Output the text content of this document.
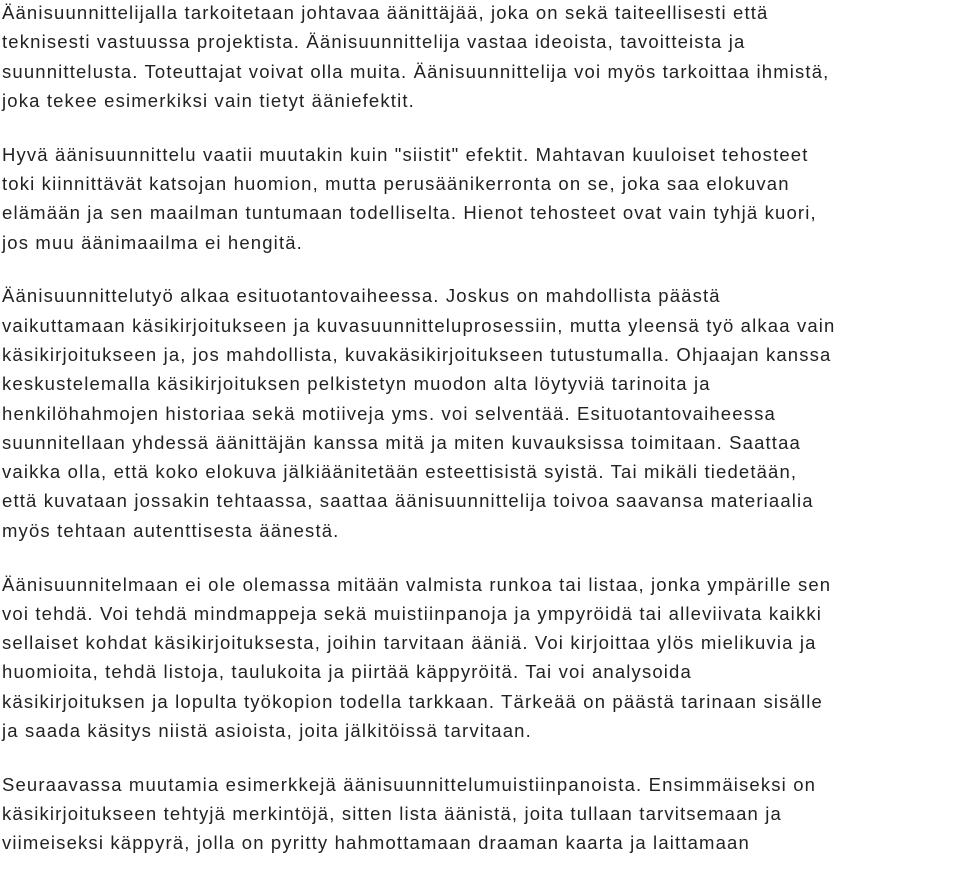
Äänisuunnittelijalla tarkoitetaan johtavaa äänittäjää, joka on sekä taiteellisesti että
teknisesti vastuussa projektista. Äänisuunnittelija vastaa ideoista, tavoitteista ja
suunnittelusta. Toteuttajat voivat olla muita. Äänisuunnittelija voi myös tarkoittaa ihmistä,
joka tekee esimerkiksi vain tietyt ääniefektit.
Hyvä äänisuunnittelu vaatii muutakin kuin "siistit" efektit. Mahtavan kuuloiset tehosteet
toki kiinnittävät katsojan huomion, mutta perusäänikerronta on se, joka saa elokuvan
elämään ja sen maailman tuntumaan todelliselta. Hienot tehosteet ovat vain tyhjä kuori,
jos muu äänimaailma ei hengitä.
Äänisuunnittelutyö alkaa esituotantovaiheessa. Joskus on mahdollista päästä
vaikuttamaan käsikirjoitukseen ja kuvasuunnitteluprosessiin, mutta yleensä työ alkaa vain
käsikirjoitukseen ja, jos mahdollista, kuvakäsikirjoitukseen tutustumalla. Ohjaajan kanssa
keskustelemalla käsikirjoituksen pelkistetyn muodon alta löytyviä tarinoita ja
henkilöhahmojen historiaa sekä motiiveja yms. voi selventää. Esituotantovaiheessa
suunnitellaan yhdessä äänittäjän kanssa mitä ja miten kuvauksissa toimitaan. Saattaa
vaikka olla, että koko elokuva jälkiäänitetään esteettisistä syistä. Tai mikäli tiedetään,
että kuvataan jossakin tehtaassa, saattaa äänisuunnittelija toivoa saavansa materiaalia
myös tehtaan autenttisesta äänestä.
Äänisuunnitelmaan ei ole olemassa mitään valmista runkoa tai listaa, jonka ympärille sen
voi tehdä. Voi tehdä mindmappeja sekä muistiinpanoja ja ympyröidä tai alleviivata kaikki
sellaiset kohdat käsikirjoituksesta, joihin tarvitaan ääniä. Voi kirjoittaa ylös mielikuvia ja
huomioita, tehdä listoja, taulukoita ja piirtää käppyröitä. Tai voi analysoida
käsikirjoituksen ja lopulta työkopion todella tarkkaan. Tärkeää on päästä tarinaan sisälle
ja saada käsitys niistä asioista, joita jälkitöissä tarvitaan.
Seuraavassa muutamia esimerkkejä äänisuunnittelumuistiinpanoista. Ensimmäiseksi on
käsikirjoitukseen tehtyjä merkintöjä, sitten lista äänistä, joita tullaan tarvitsemaan ja
viimeiseksi käppyrä, jolla on pyritty hahmottamaan draaman kaarta ja laittamaan
